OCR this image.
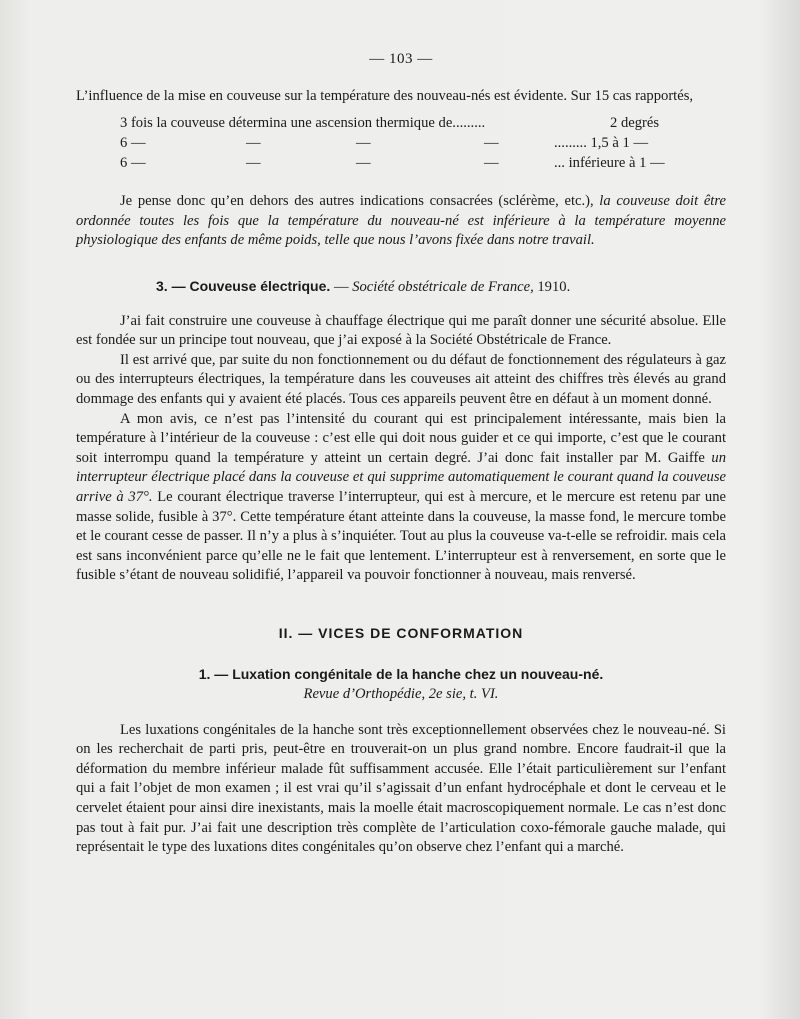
— 103 —

L’influence de la mise en couveuse sur la température des nouveau-nés est évidente. Sur 15 cas rapportés,

3 fois la couveuse détermina une ascension thermique de.........	2 degrés
6 —	—	—	—	......... 1,5 à 1 —
6 —	—	—	—	... inférieure à 1 —

Je pense donc qu’en dehors des autres indications consacrées (sclérème, etc.), la couveuse doit être ordonnée toutes les fois que la température du nouveau-né est inférieure à la température moyenne physiologique des enfants de même poids, telle que nous l’avons fixée dans notre travail.

3. — Couveuse électrique. — Société obstétricale de France, 1910.

J’ai fait construire une couveuse à chauffage électrique qui me paraît donner une sécurité absolue. Elle est fondée sur un principe tout nouveau, que j’ai exposé à la Société Obstétricale de France.

Il est arrivé que, par suite du non fonctionnement ou du défaut de fonctionnement des régulateurs à gaz ou des interrupteurs électriques, la température dans les couveuses ait atteint des chiffres très élevés au grand dommage des enfants qui y avaient été placés. Tous ces appareils peuvent être en défaut à un moment donné.

A mon avis, ce n’est pas l’intensité du courant qui est principalement intéressante, mais bien la température à l’intérieur de la couveuse : c’est elle qui doit nous guider et ce qui importe, c’est que le courant soit interrompu quand la température y atteint un certain degré. J’ai donc fait installer par M. Gaiffe un interrupteur électrique placé dans la couveuse et qui supprime automatiquement le courant quand la couveuse arrive à 37°. Le courant électrique traverse l’interrupteur, qui est à mercure, et le mercure est retenu par une masse solide, fusible à 37°. Cette température étant atteinte dans la couveuse, la masse fond, le mercure tombe et le courant cesse de passer. Il n’y a plus à s’inquiéter. Tout au plus la couveuse va-t-elle se refroidir. mais cela est sans inconvénient parce qu’elle ne le fait que lentement. L’interrupteur est à renversement, en sorte que le fusible s’étant de nouveau solidifié, l’appareil va pouvoir fonctionner à nouveau, mais renversé.

II. — VICES DE CONFORMATION
1. — Luxation congénitale de la hanche chez un nouveau-né.
Revue d’Orthopédie, 2e sie, t. VI.

Les luxations congénitales de la hanche sont très exceptionnellement observées chez le nouveau-né. Si on les recherchait de parti pris, peut-être en trouverait-on un plus grand nombre. Encore faudrait-il que la déformation du membre inférieur malade fût suffisamment accusée. Elle l’était particulièrement sur l’enfant qui a fait l’objet de mon examen ; il est vrai qu’il s’agissait d’un enfant hydrocéphale et dont le cerveau et le cervelet étaient pour ainsi dire inexistants, mais la moelle était macroscopiquement normale. Le cas n’est donc pas tout à fait pur. J’ai fait une description très complète de l’articulation coxo-fémorale gauche malade, qui représentait le type des luxations dites congénitales qu’on observe chez l’enfant qui a marché.
